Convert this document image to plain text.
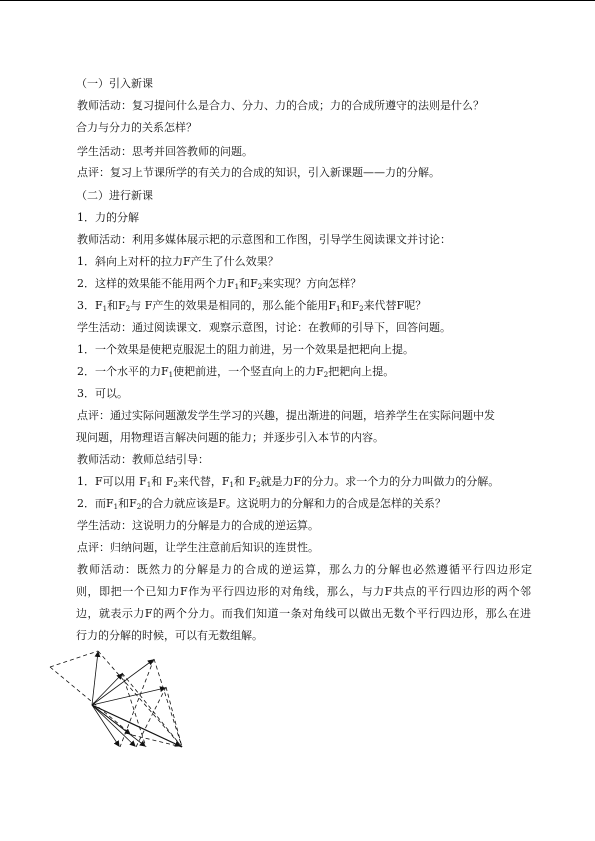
（一）引入新课
教师活动：复习提问什么是合力、分力、力的合成；力的合成所遵守的法则是什么？
合力与分力的关系怎样？
学生活动：思考并回答教师的问题。
点评：复习上节课所学的有关力的合成的知识，引入新课题——力的分解。
（二）进行新课
1．力的分解
教师活动：利用多媒体展示耙的示意图和工作图，引导学生阅读课文并讨论：
1．斜向上对杆的拉力F产生了什么效果？
2．这样的效果能不能用两个力$F_1$和$F_2$来实现？方向怎样？
3．$F_1$和$F_2$与 F产生的效果是相同的，那么能个能用$F_1$和$F_2$来代替F呢？
学生活动：通过阅读课文．观察示意图，讨论：在教师的引导下，回答问题。
1．一个效果是使耙克服泥土的阻力前进，另一个效果是把耙向上提。
2．一个水平的力$F_1$使耙前进，一个竖直向上的力$F_2$把耙向上提。
3．可以。
点评：通过实际问题激发学生学习的兴趣，提出渐进的问题，培养学生在实际问题中发
现问题，用物理语言解决问题的能力；并逐步引入本节的内容。
教师活动：教师总结引导：
1．F可以用 $F_1$和 $F_2$来代替，$F_1$和 $F_2$就是力F的分力。求一个力的分力叫做力的分解。
2．而$F_1$和$F_2$的合力就应该是F。这说明力的分解和力的合成是怎样的关系？
学生活动：这说明力的分解是力的合成的逆运算。
点评：归纳问题，让学生注意前后知识的连贯性。
教师活动：既然力的分解是力的合成的逆运算，那么力的分解也必然遵循平行四边形定
则，即把一个已知力F作为平行四边形的对角线，那么，与力F共点的平行四边形的两个邻
边，就表示力F的两个分力。而我们知道一条对角线可以做出无数个平行四边形，那么在进
行力的分解的时候，可以有无数组解。
